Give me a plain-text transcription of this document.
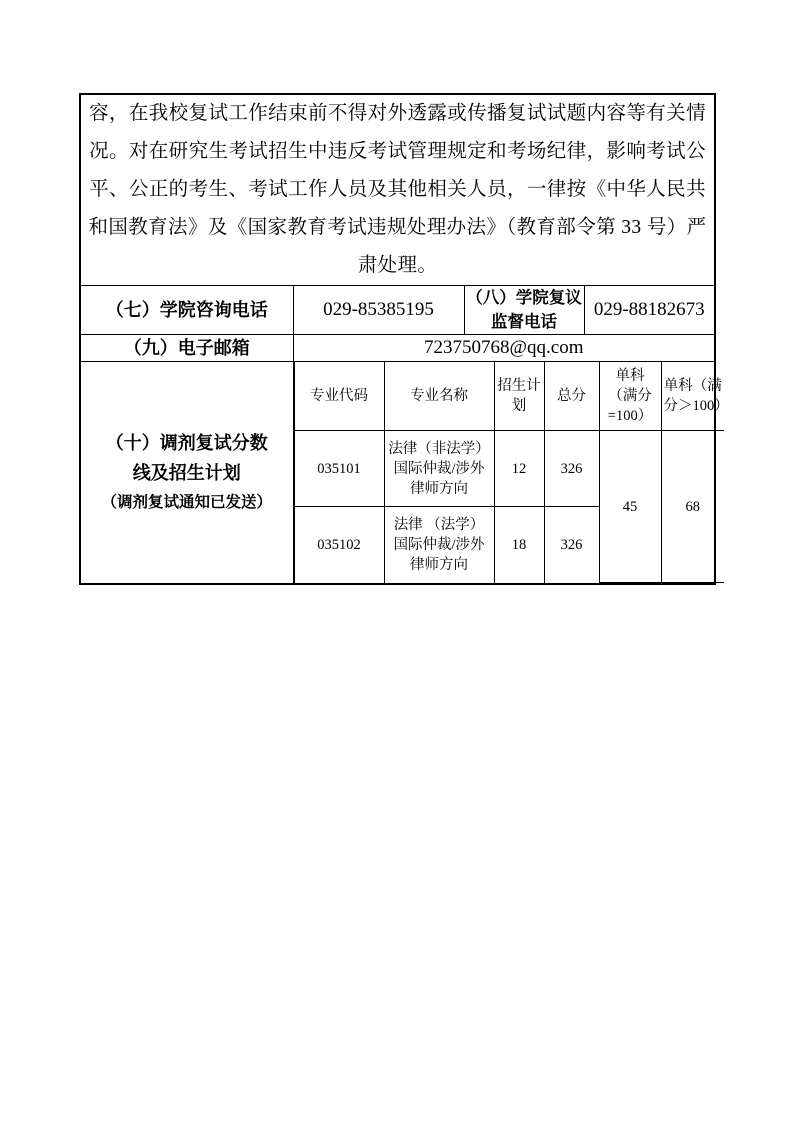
容，在我校复试工作结束前不得对外透露或传播复试试题内容等有关情况。对在研究生考试招生中违反考试管理规定和考场纪律，影响考试公平、公正的考生、考试工作人员及其他相关人员，一律按《中华人民共和国教育法》及《国家教育考试违规处理办法》（教育部令第 33 号）严肃处理。

（七）学院咨询电话	029-85385195	（八）学院复议监督电话	029-88182673
（九）电子邮箱	723750768@qq.com

（十）调剂复试分数
线及招生计划
（调剂复试通知已发送）

专业代码	专业名称	招生计划	总分	单科（满分=100）	单科（满分＞100）
035101	法律（非法学）国际仲裁/涉外律师方向	12	326	45	68
035102	法律 （法学）国际仲裁/涉外律师方向	18	326
